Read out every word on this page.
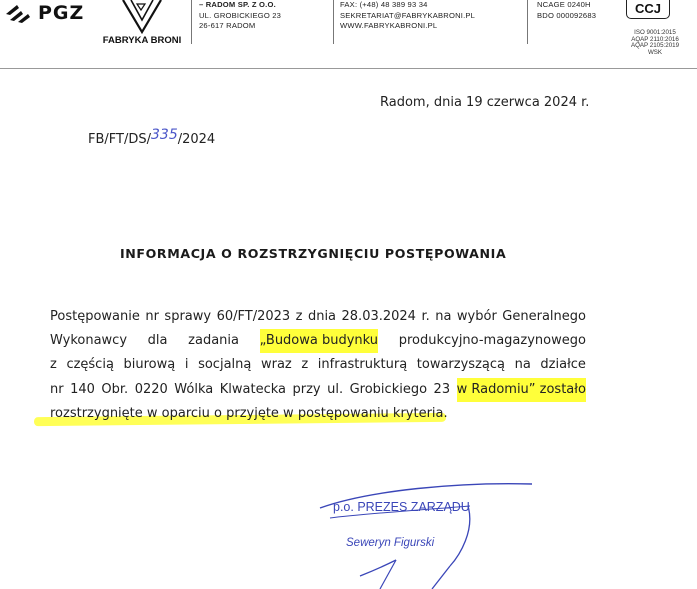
PGZ
FABRYKA BRONI
– RADOM SP. Z O.O.
UL. GROBICKIEGO 23
26-617 RADOM
FAX: (+48) 48 389 93 34
SEKRETARIAT@FABRYKABRONI.PL
WWW.FABRYKABRONI.PL
NCAGE 0240H
BDO 000092683	CCJ
ISO 9001:2015
AQAP 2110:2016
AQAP 2105:2019
WSK
Radom, dnia 19 czerwca 2024 r.
FB/FT/DS/335/2024
INFORMACJA O ROZSTRZYGNIĘCIU POSTĘPOWANIA
Postępowanie nr sprawy 60/FT/2023 z dnia 28.03.2024 r. na wybór Generalnego
Wykonawcy dla zadania „Budowa budynku produkcyjno-magazynowego
z częścią biurową i socjalną wraz z infrastrukturą towarzyszącą na działce
nr 140 Obr. 0220 Wólka Klwatecka przy ul. Grobickiego 23 w Radomiu” zostało
rozstrzygnięte w oparciu o przyjęte w postępowaniu kryteria.
p.o. PREZES ZARZĄDU
Seweryn Figurski
